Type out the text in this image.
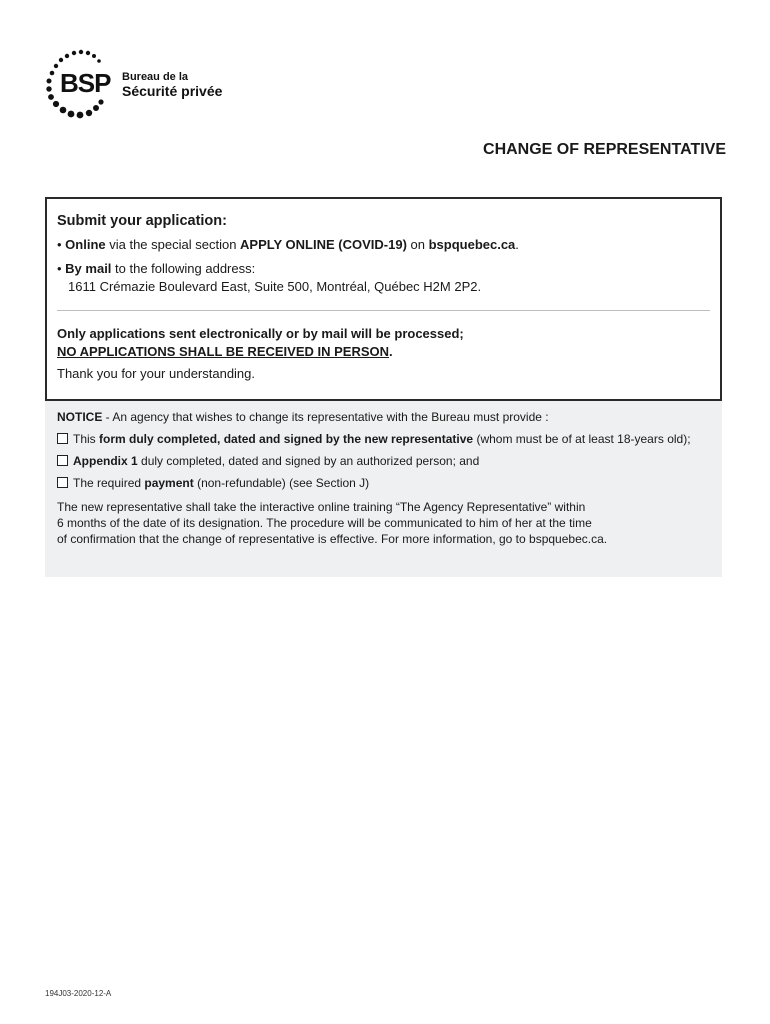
BSP Bureau de la
Sécurité privée
CHANGE OF REPRESENTATIVE
Submit your application:

• Online via the special section APPLY ONLINE (COVID-19) on bspquebec.ca.

• By mail to the following address:

1611 Crémazie Boulevard East, Suite 500, Montréal, Québec H2M 2P2.

Only applications sent electronically or by mail will be processed;

NO APPLICATIONS SHALL BE RECEIVED IN PERSON.

Thank you for your understanding.

NOTICE - An agency that wishes to change its representative with the Bureau must provide :

This form duly completed, dated and signed by the new representative (whom must be of at least 18-years old);
Appendix 1 duly completed, dated and signed by an authorized person; and
The required payment (non-refundable) (see Section J)

The new representative shall take the interactive online training “The Agency Representative” within

6 months of the date of its designation. The procedure will be communicated to him of her at the time

of confirmation that the change of representative is effective. For more information, go to bspquebec.ca.

194J03-2020-12-A
